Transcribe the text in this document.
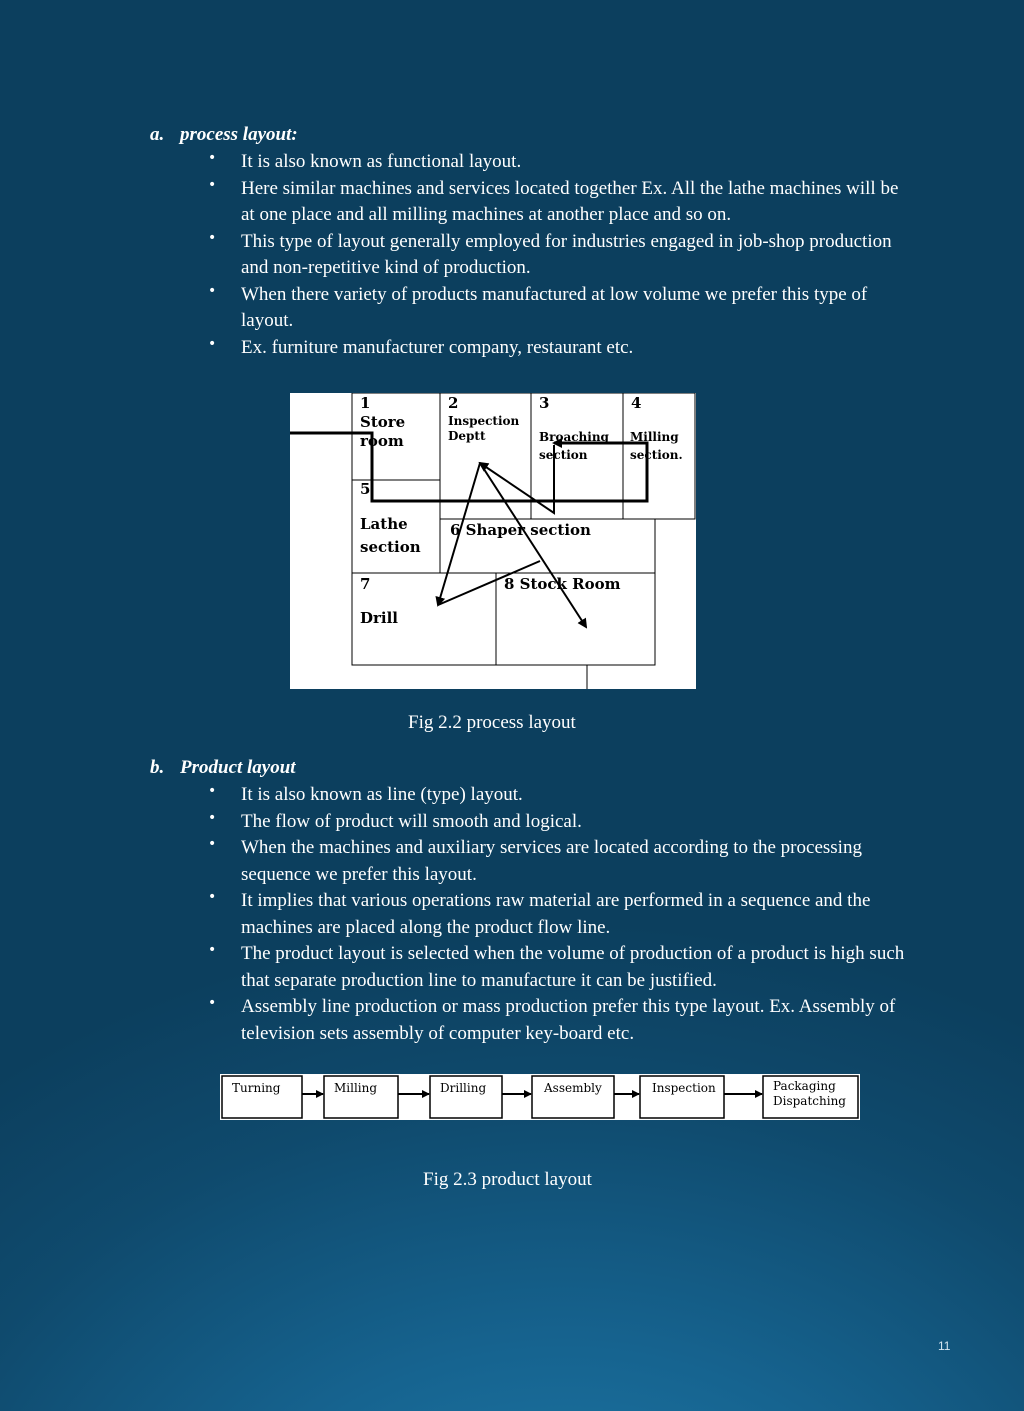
a. process layout:
• It is also known as functional layout.
• Here similar machines and services located together Ex. All the lathe machines will be at one place and all milling machines at another place and so on.
• This type of layout generally employed for industries engaged in job-shop production and non-repetitive kind of production.
• When there variety of products manufactured at low volume we prefer this type of layout.
• Ex. furniture manufacturer company, restaurant etc.
1
Store
room
2
Inspection
Deptt
3
Broaching
section
4
Milling
section.
5
Lathe
section
6 Shaper section
7
Drill
8 Stock Room
Fig 2.2 process layout
b. Product layout
• It is also known as line (type) layout.
• The flow of product will smooth and logical.
• When the machines and auxiliary services are located according to the processing sequence we prefer this layout.
• It implies that various operations raw material are performed in a sequence and the machines are placed along the product flow line.
• The product layout is selected when the volume of production of a product is high such that separate production line to manufacture it can be justified.
• Assembly line production or mass production prefer this type layout. Ex. Assembly of television sets assembly of computer key-board etc.
Turning	Milling	Drilling	Assembly	Inspection	Packaging
Dispatching
Fig 2.3 product layout
11
